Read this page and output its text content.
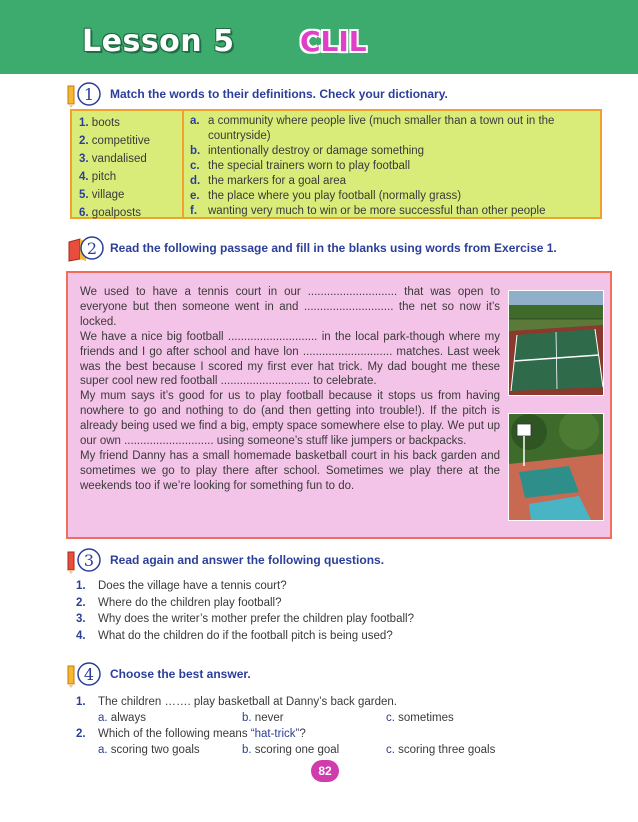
Lesson 5 CLIL
1 Match the words to their definitions. Check your dictionary.
1. boots
2. competitive
3. vandalised
4. pitch
5. village
6. goalposts
a. a community where people live (much smaller than a town out in the countryside)
b. intentionally destroy or damage something
c. the special trainers worn to play football
d. the markers for a goal area
e. the place where you play football (normally grass)
f. wanting very much to win or be more successful than other people
2 Read the following passage and fill in the blanks using words from Exercise 1.
We used to have a tennis court in our ............................ that was open to everyone but then someone went in and ............................ the net so now it’s locked.
We have a nice big football ............................ in the local park-though where my friends and I go after school and have lon ............................ matches. Last week was the best because I scored my first ever hat trick. My dad bought me these super cool new red football ............................ to celebrate.
My mum says it’s good for us to play football because it stops us from having nowhere to go and nothing to do (and then getting into trouble!). If the pitch is already being used we find a big, empty space somewhere else to play. We put up our own ............................ using someone’s stuff like jumpers or backpacks.
My friend Danny has a small homemade basketball court in his back garden and sometimes we go to play there after school. Sometimes we play there at the weekends too if we’re looking for something fun to do.
3 Read again and answer the following questions.
1. Does the village have a tennis court?
2. Where do the children play football?
3. Why does the writer’s mother prefer the children play football?
4. What do the children do if the football pitch is being used?
4 Choose the best answer.
1. The children ……. play basketball at Danny’s back garden.
a. always	b. never	c. sometimes
2. Which of the following means “hat-trick”?
a. scoring two goals	b. scoring one goal	c. scoring three goals
82
